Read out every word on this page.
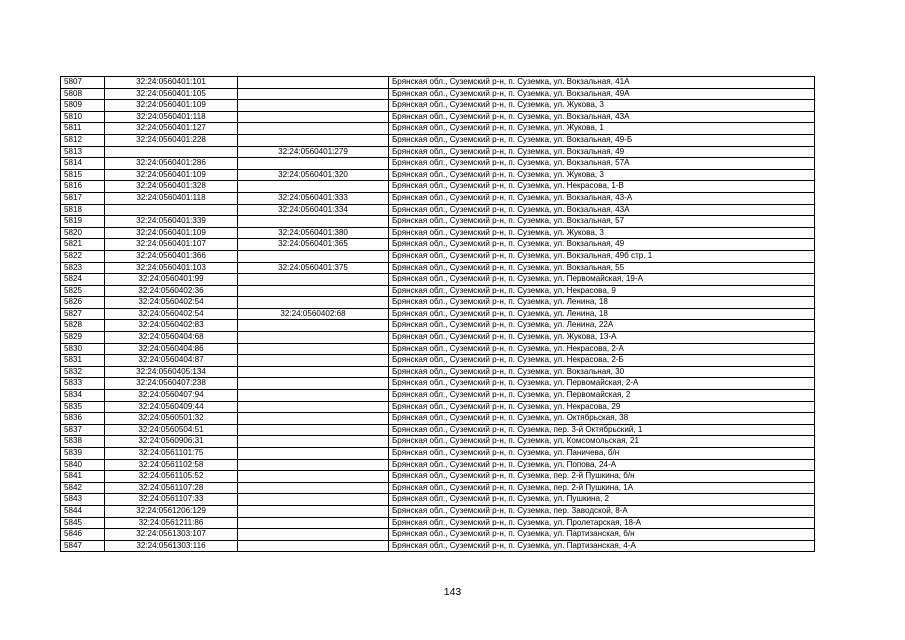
5807	32:24:0560401:101		Брянская обл., Суземский р-н, п. Суземка, ул. Вокзальная, 41А
5808	32:24:0560401:105		Брянская обл., Суземский р-н, п. Суземка, ул. Вокзальная, 49А
5809	32:24:0560401:109		Брянская обл., Суземский р-н, п. Суземка, ул. Жукова, 3
5810	32:24:0560401:118		Брянская обл., Суземский р-н, п. Суземка, ул. Вокзальная, 43А
5811	32:24:0560401:127		Брянская обл., Суземский р-н, п. Суземка, ул. Жукова, 1
5812	32:24:0560401:228		Брянская обл., Суземский р-н, п. Суземка, ул. Вокзальная, 49-Б
5813		32:24:0560401:279	Брянская обл., Суземский р-н, п. Суземка, ул. Вокзальная, 49
5814	32:24:0560401:286		Брянская обл., Суземский р-н, п. Суземка, ул. Вокзальная, 57А
5815	32:24:0560401:109	32:24:0560401:320	Брянская обл., Суземский р-н, п. Суземка, ул. Жукова, 3
5816	32:24:0560401:328		Брянская обл., Суземский р-н, п. Суземка, ул. Некрасова, 1-В
5817	32:24:0560401:118	32:24:0560401:333	Брянская обл., Суземский р-н, п. Суземка, ул. Вокзальная, 43-А
5818		32:24:0560401:334	Брянская обл., Суземский р-н, п. Суземка, ул. Вокзальная, 43А
5819	32:24:0560401:339		Брянская обл., Суземский р-н, п. Суземка, ул. Вокзальная, 57
5820	32:24:0560401:109	32:24:0560401:380	Брянская обл., Суземский р-н, п. Суземка, ул. Жукова, 3
5821	32:24:0560401:107	32:24:0560401:365	Брянская обл., Суземский р-н, п. Суземка, ул. Вокзальная, 49
5822	32:24:0560401:366		Брянская обл., Суземский р-н, п. Суземка, ул. Вокзальная, 49б стр. 1
5823	32:24:0560401:103	32:24:0560401:375	Брянская обл., Суземский р-н, п. Суземка, ул. Вокзальная, 55
5824	32:24:0560401:99		Брянская обл., Суземский р-н, п. Суземка, ул. Первомайская, 19-А
5825	32:24:0560402:36		Брянская обл., Суземский р-н, п. Суземка, ул. Некрасова, 9
5826	32:24:0560402:54		Брянская обл., Суземский р-н, п. Суземка, ул. Ленина, 18
5827	32:24:0560402:54	32:24:0560402:68	Брянская обл., Суземский р-н, п. Суземка, ул. Ленина, 18
5828	32:24:0560402:83		Брянская обл., Суземский р-н, п. Суземка, ул. Ленина, 22А
5829	32:24:0560404:68		Брянская обл., Суземский р-н, п. Суземка, ул. Жукова, 13-А
5830	32:24:0560404:86		Брянская обл., Суземский р-н, п. Суземка, ул. Некрасова, 2-А
5831	32:24:0560404:87		Брянская обл., Суземский р-н, п. Суземка, ул. Некрасова, 2-Б
5832	32:24:0560405:134		Брянская обл., Суземский р-н, п. Суземка, ул. Вокзальная, 30
5833	32:24:0560407:238		Брянская обл., Суземский р-н, п. Суземка, ул. Первомайская, 2-А
5834	32:24:0560407:94		Брянская обл., Суземский р-н, п. Суземка, ул. Первомайская, 2
5835	32:24:0560409:44		Брянская обл., Суземский р-н, п. Суземка, ул. Некрасова, 29
5836	32:24:0560501:32		Брянская обл., Суземский р-н, п. Суземка, ул. Октябрьская, 38
5837	32:24:0560504:51		Брянская обл., Суземский р-н, п. Суземка, пер. 3-й Октябрьский, 1
5838	32:24:0560906:31		Брянская обл., Суземский р-н, п. Суземка, ул. Комсомольская, 21
5839	32:24:0561101:75		Брянская обл., Суземский р-н, п. Суземка, ул. Паничева, б/н
5840	32:24:0561102:58		Брянская обл., Суземский р-н, п. Суземка, ул. Попова, 24-А
5841	32:24:0561105:52		Брянская обл., Суземский р-н, п. Суземка, пер. 2-й Пушкина, б/н
5842	32:24:0561107:28		Брянская обл., Суземский р-н, п. Суземка, пер. 2-й Пушкина, 1А
5843	32:24:0561107:33		Брянская обл., Суземский р-н, п. Суземка, ул. Пушкина, 2
5844	32:24:0561206:129		Брянская обл., Суземский р-н, п. Суземка, пер. Заводской, 8-А
5845	32:24:0561211:86		Брянская обл., Суземский р-н, п. Суземка, ул. Пролетарская, 18-А
5846	32:24:0561303:107		Брянская обл., Суземский р-н, п. Суземка, ул. Партизанская, б/н
5847	32:24:0561303:116		Брянская обл., Суземский р-н, п. Суземка, ул. Партизанская, 4-А
143
